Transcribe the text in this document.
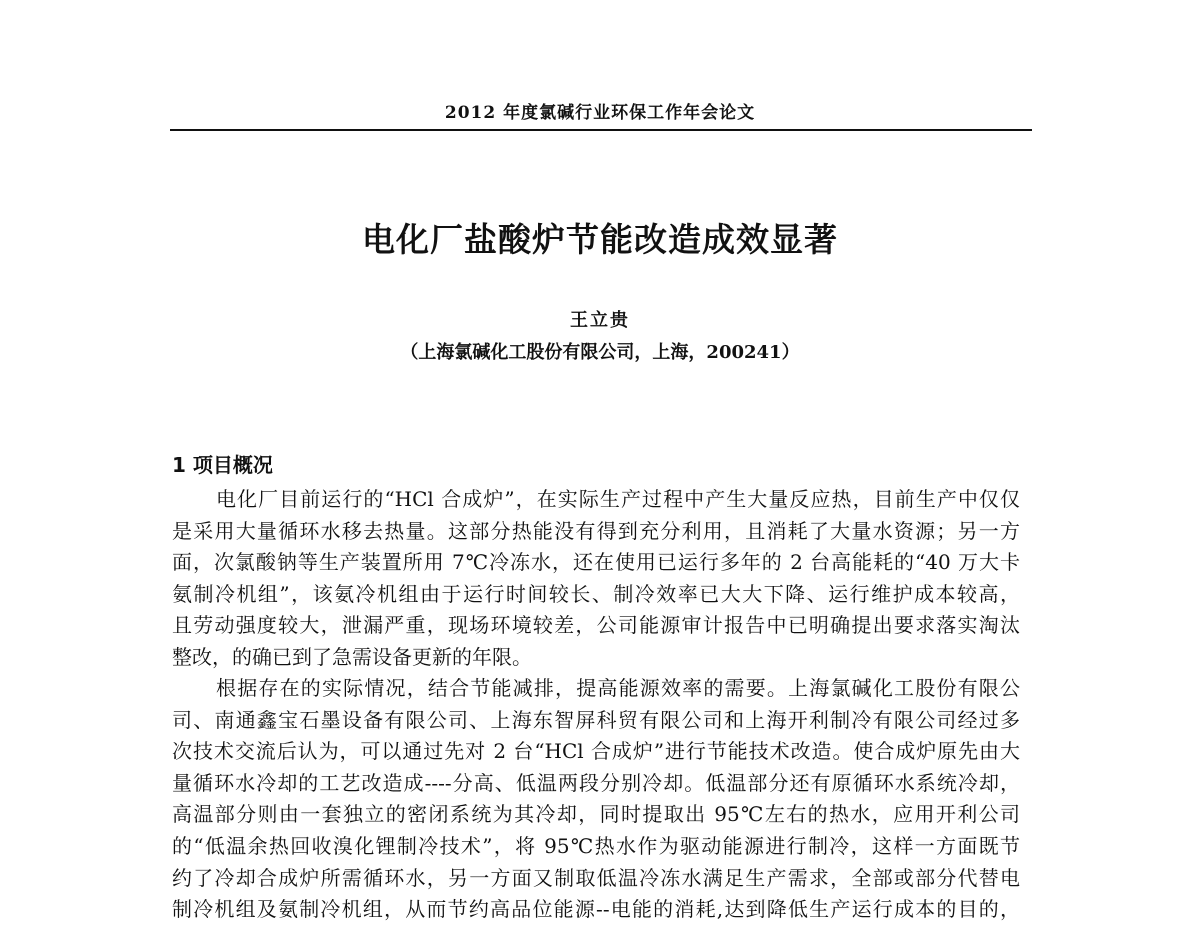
2012 年度氯碱行业环保工作年会论文
电化厂盐酸炉节能改造成效显著
王立贵
（上海氯碱化工股份有限公司，上海，200241）
1 项目概况
电化厂目前运行的“HCl 合成炉”，在实际生产过程中产生大量反应热，目前生产中仅仅
是采用大量循环水移去热量。这部分热能没有得到充分利用，且消耗了大量水资源；另一方
面，次氯酸钠等生产装置所用 7℃冷冻水，还在使用已运行多年的 2 台高能耗的“40 万大卡
氨制冷机组”，该氨冷机组由于运行时间较长、制冷效率已大大下降、运行维护成本较高，
且劳动强度较大，泄漏严重，现场环境较差，公司能源审计报告中已明确提出要求落实淘汰
整改，的确已到了急需设备更新的年限。
根据存在的实际情况，结合节能减排，提高能源效率的需要。上海氯碱化工股份有限公
司、南通鑫宝石墨设备有限公司、上海东智屏科贸有限公司和上海开利制冷有限公司经过多
次技术交流后认为，可以通过先对 2 台“HCl 合成炉”进行节能技术改造。使合成炉原先由大
量循环水冷却的工艺改造成----分高、低温两段分别冷却。低温部分还有原循环水系统冷却，
高温部分则由一套独立的密闭系统为其冷却，同时提取出 95℃左右的热水，应用开利公司
的“低温余热回收溴化锂制冷技术”，将 95℃热水作为驱动能源进行制冷，这样一方面既节
约了冷却合成炉所需循环水，另一方面又制取低温冷冻水满足生产需求，全部或部分代替电
制冷机组及氨制冷机组，从而节约高品位能源--电能的消耗,达到降低生产运行成本的目的，
